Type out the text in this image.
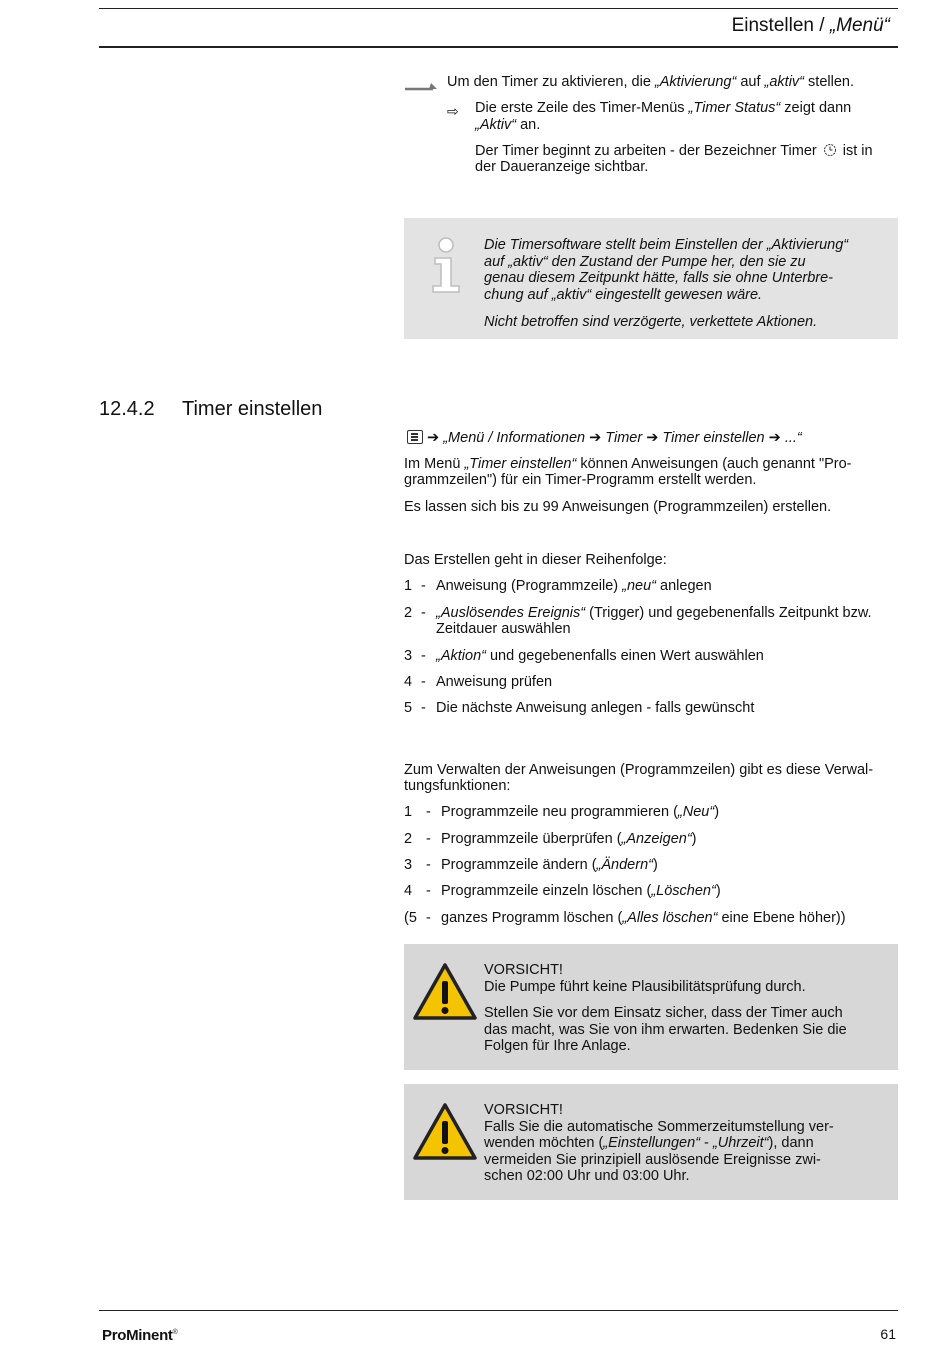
Einstellen / „Menü“
Um den Timer zu aktivieren, die „Aktivierung“ auf „aktiv“ stellen.
⇨ Die erste Zeile des Timer-Menüs „Timer Status“ zeigt dann
„Aktiv“ an.
Der Timer beginnt zu arbeiten - der Bezeichner Timer ist in
der Daueranzeige sichtbar.

Die Timersoftware stellt beim Einstellen der „Aktivierung“
auf „aktiv“ den Zustand der Pumpe her, den sie zu
genau diesem Zeitpunkt hätte, falls sie ohne Unterbre-
chung auf „aktiv“ eingestellt gewesen wäre.

Nicht betroffen sind verzögerte, verkettete Aktionen.

12.4.2 Timer einstellen
➔ „Menü / Informationen ➔ Timer ➔ Timer einstellen ➔ ...“
Im Menü „Timer einstellen“ können Anweisungen (auch genannt "Pro-
grammzeilen") für ein Timer-Programm erstellt werden.
Es lassen sich bis zu 99 Anweisungen (Programmzeilen) erstellen.
Das Erstellen geht in dieser Reihenfolge:
1 - Anweisung (Programmzeile) „neu“ anlegen
2 - „Auslösendes Ereignis“ (Trigger) und gegebenenfalls Zeitpunkt bzw.
Zeitdauer auswählen
3 - „Aktion“ und gegebenenfalls einen Wert auswählen
4 - Anweisung prüfen
5 - Die nächste Anweisung anlegen - falls gewünscht
Zum Verwalten der Anweisungen (Programmzeilen) gibt es diese Verwal-
tungsfunktionen:
1 - Programmzeile neu programmieren („Neu“)
2 - Programmzeile überprüfen („Anzeigen“)
3 - Programmzeile ändern („Ändern“)
4 - Programmzeile einzeln löschen („Löschen“)
(5 - ganzes Programm löschen („Alles löschen“ eine Ebene höher))
VORSICHT!

Die Pumpe führt keine Plausibilitätsprüfung durch.

Stellen Sie vor dem Einsatz sicher, dass der Timer auch
das macht, was Sie von ihm erwarten. Bedenken Sie die
Folgen für Ihre Anlage.

VORSICHT!
Falls Sie die automatische Sommerzeitumstellung ver-
wenden möchten („Einstellungen“ - „Uhrzeit“), dann
vermeiden Sie prinzipiell auslösende Ereignisse zwi-
schen 02:00 Uhr und 03:00 Uhr.
ProMinent®	61
